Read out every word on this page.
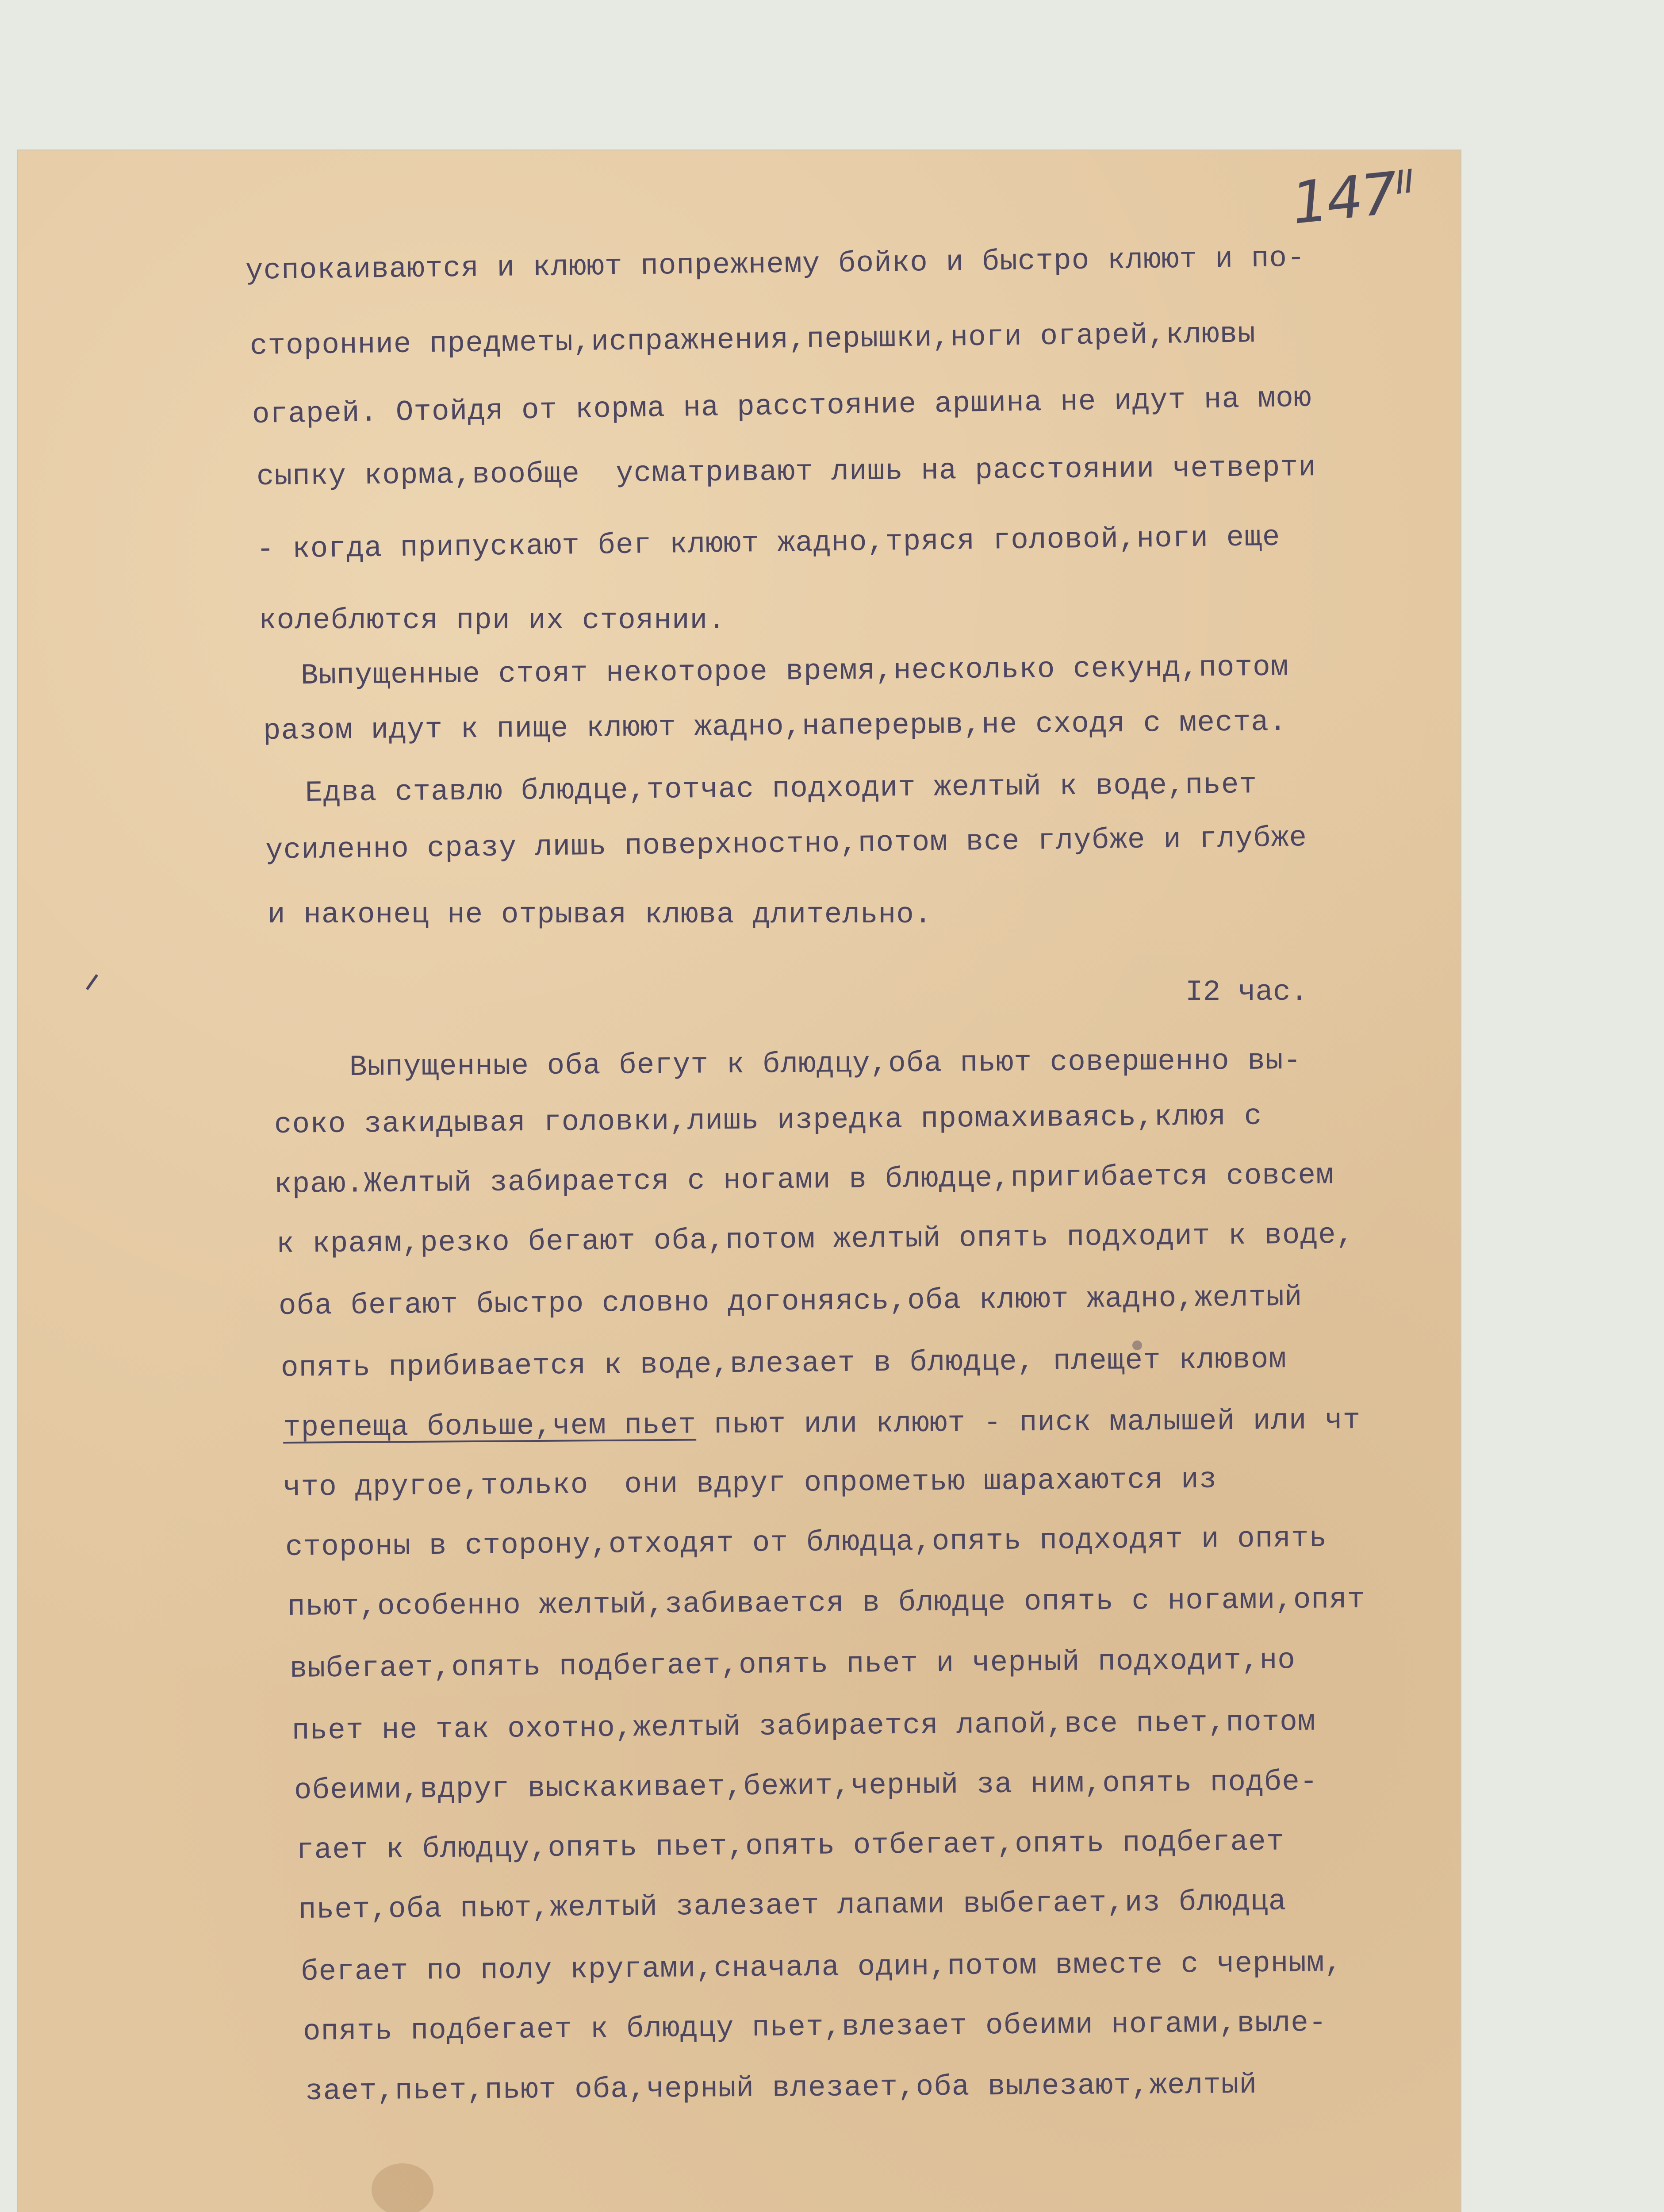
147ᴵᴵ
успокаиваются и клюют попрежнему бойко и быстро клюют и по-
сторонние предметы,испражнения,перышки,ноги огарей,клювы
огарей. Отойдя от корма на расстояние аршина не идут на мою
сыпку корма,вообще  усматривают лишь на расстоянии четверти
- когда припускают бег клюют жадно,тряся головой,ноги еще
колеблются при их стоянии.
Выпущенные стоят некоторое время,несколько секунд,потом
разом идут к пище клюют жадно,наперерыв,не сходя с места.
Едва ставлю блюдце,тотчас подходит желтый к воде,пьет
усиленно сразу лишь поверхностно,потом все глубже и глубже
и наконец не отрывая клюва длительно.
I2 час.
Выпущенные оба бегут к блюдцу,оба пьют совершенно вы-
соко закидывая головки,лишь изредка промахиваясь,клюя с
краю.Желтый забирается с ногами в блюдце,пригибается совсем
к краям,резко бегают оба,потом желтый опять подходит к воде,
оба бегают быстро словно догоняясь,оба клюют жадно,желтый
опять прибивается к воде,влезает в блюдце, плещет клювом
трепеща больше,чем пьет пьют или клюют - писк малышей или чт
что другое,только  они вдруг опрометью шарахаются из
стороны в сторону,отходят от блюдца,опять подходят и опять
пьют,особенно желтый,забивается в блюдце опять с ногами,опят
выбегает,опять подбегает,опять пьет и черный подходит,но
пьет не так охотно,желтый забирается лапой,все пьет,потом
обеими,вдруг выскакивает,бежит,черный за ним,опять подбе-
гает к блюдцу,опять пьет,опять отбегает,опять подбегает
пьет,оба пьют,желтый залезает лапами выбегает,из блюдца
бегает по полу кругами,сначала один,потом вместе с черным,
опять подбегает к блюдцу пьет,влезает обеими ногами,выле-
зает,пьет,пьют оба,черный влезает,оба вылезают,желтый
